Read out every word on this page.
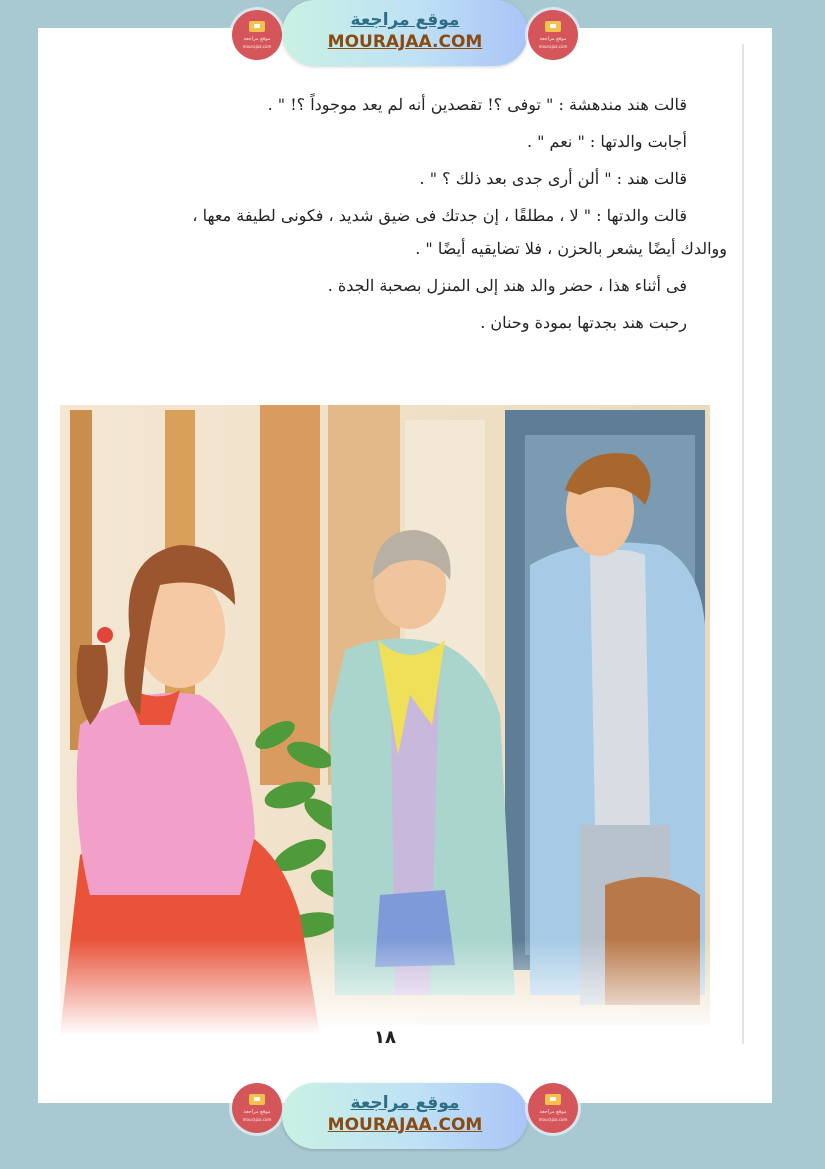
موقع مراجعة
mourajaa.com
موقع مراجعة
MOURAJAA.COM	موقع مراجعة
mourajaa.com
قالت هند مندهشة : " توفى ؟! تقصدين أنه لم يعد موجوداً ؟! " .
أجابت والدتها : " نعم " .
قالت هند : " ألن أرى جدى بعد ذلك ؟ " .
قالت والدتها : " لا ، مطلقًا ، إن جدتك فى ضيق شديد ، فكونى لطيفة معها ،
ووالدك أيضًا يشعر بالحزن ، فلا تضايقيه أيضًا " .
فى أثناء هذا ، حضر والد هند إلى المنزل بصحبة الجدة .
رحبت هند بجدتها بمودة وحنان .
١٨
موقع مراجعة
mourajaa.com
موقع مراجعة
MOURAJAA.COM
موقع مراجعة
mourajaa.com
